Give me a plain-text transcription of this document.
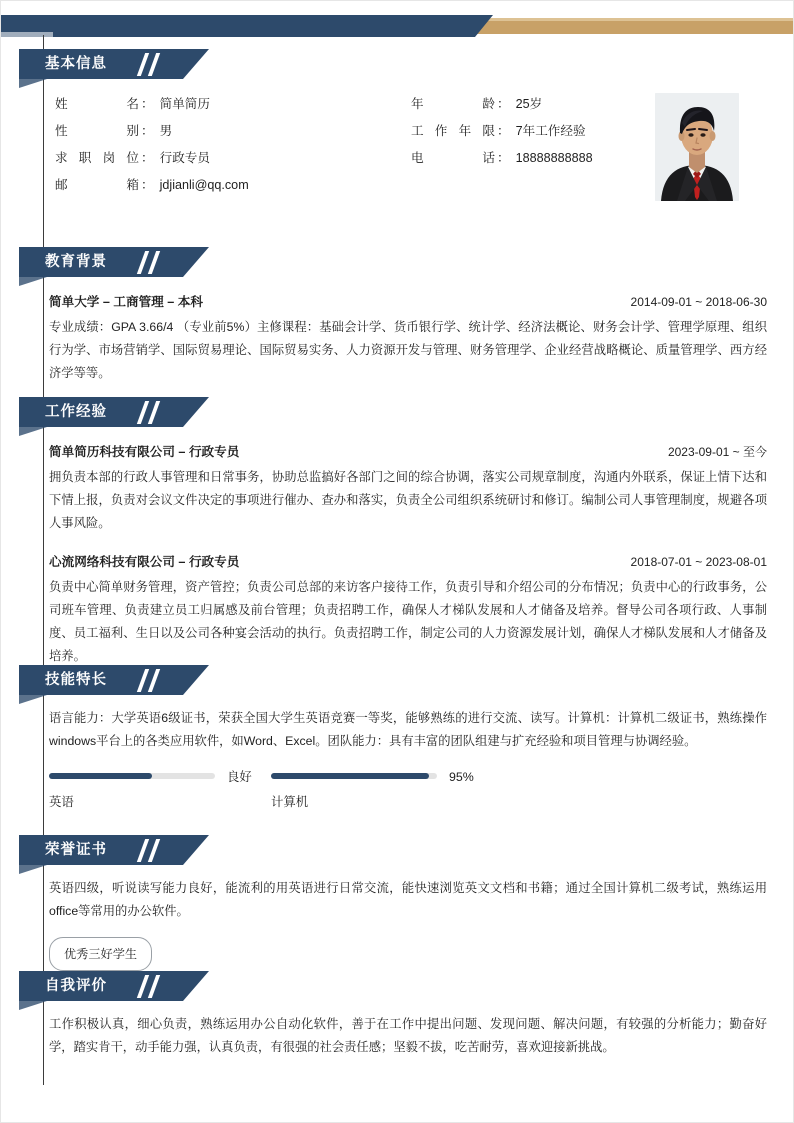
基本信息
姓名 ： 简单简历
性别 ： 男
求职岗位 ： 行政专员
邮箱 ： jdjianli@qq.com
年龄 ： 25岁
工作年限 ： 7年工作经验
电话 ： 18888888888
教育背景
简单大学 – 工商管理 – 本科	2014-09-01 ~ 2018-06-30
专业成绩：GPA 3.66/4 （专业前5%）主修课程：基础会计学、货币银行学、统计学、经济法概论、财务会计学、管理学原理、组织行为学、市场营销学、国际贸易理论、国际贸易实务、人力资源开发与管理、财务管理学、企业经营战略概论、质量管理学、西方经济学等等。
工作经验
简单简历科技有限公司 – 行政专员	2023-09-01 ~ 至今
拥负责本部的行政人事管理和日常事务，协助总监搞好各部门之间的综合协调，落实公司规章制度，沟通内外联系，保证上情下达和下情上报，负责对会议文件决定的事项进行催办、查办和落实，负责全公司组织系统研讨和修订。编制公司人事管理制度，规避各项人事风险。
心流网络科技有限公司 – 行政专员	2018-07-01 ~ 2023-08-01
负责中心简单财务管理，资产管控；负责公司总部的来访客户接待工作，负责引导和介绍公司的分布情况；负责中心的行政事务，公司班车管理、负责建立员工归属感及前台管理；负责招聘工作，确保人才梯队发展和人才储备及培养。督导公司各项行政、人事制度、员工福利、生日以及公司各种宴会活动的执行。负责招聘工作，制定公司的人力资源发展计划，确保人才梯队发展和人才储备及培养。
技能特长
语言能力：大学英语6级证书，荣获全国大学生英语竞赛一等奖，能够熟练的进行交流、读写。计算机：计算机二级证书，熟练操作windows平台上的各类应用软件，如Word、Excel。团队能力：具有丰富的团队组建与扩充经验和项目管理与协调经验。
良好
英语
95%
计算机
荣誉证书
英语四级，听说读写能力良好，能流利的用英语进行日常交流，能快速浏览英文文档和书籍；通过全国计算机二级考试，熟练运用office等常用的办公软件。
优秀三好学生
自我评价
工作积极认真，细心负责，熟练运用办公自动化软件，善于在工作中提出问题、发现问题、解决问题，有较强的分析能力；勤奋好学，踏实肯干，动手能力强，认真负责，有很强的社会责任感；坚毅不拔，吃苦耐劳，喜欢迎接新挑战。
